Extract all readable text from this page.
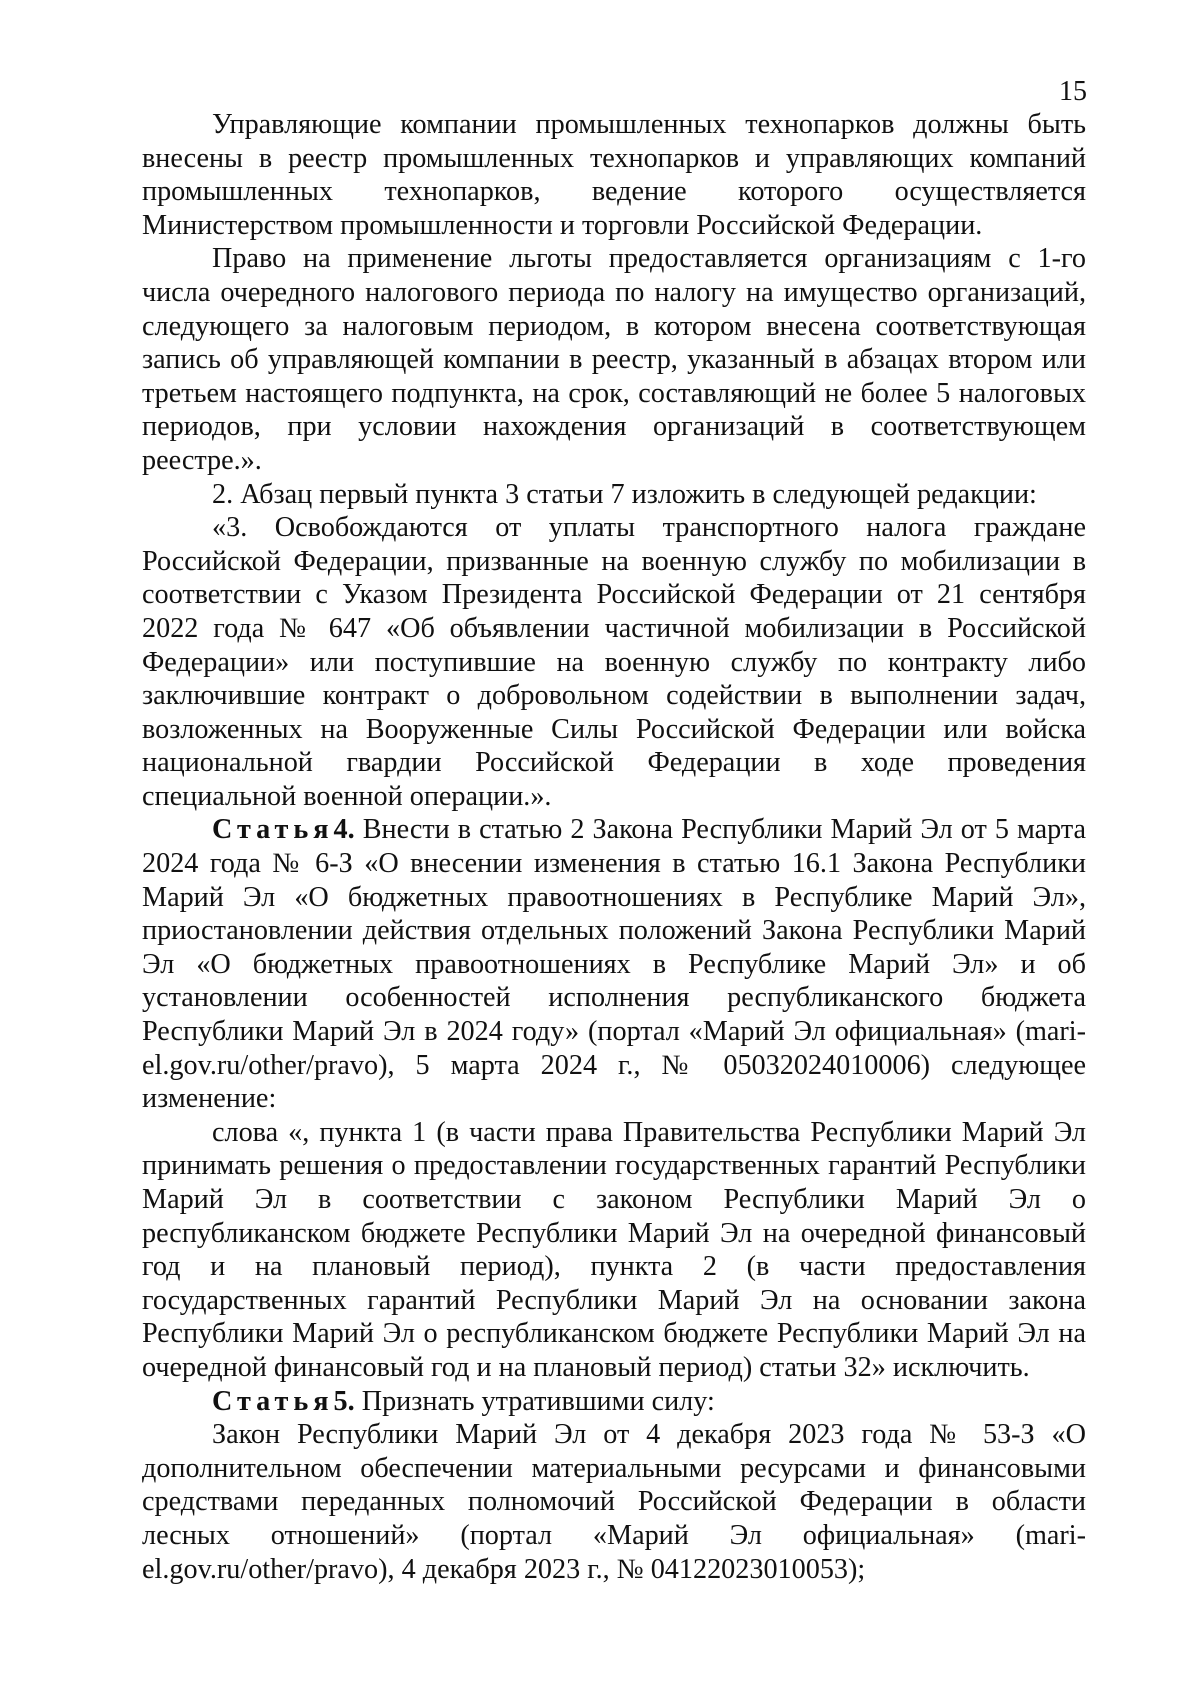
15

Управляющие компании промышленных технопарков должны быть внесены в реестр промышленных технопарков и управляющих компаний промышленных технопарков, ведение которого осуществляется Министерством промышленности и торговли Российской Федерации.

Право на применение льготы предоставляется организациям с 1-го числа очередного налогового периода по налогу на имущество организаций, следующего за налоговым периодом, в котором внесена соответствующая запись об управляющей компании в реестр, указанный в абзацах втором или третьем настоящего подпункта, на срок, составляющий не более 5 налоговых периодов, при условии нахождения организаций в соответствующем реестре.».

2. Абзац первый пункта 3 статьи 7 изложить в следующей редакции:

«3. Освобождаются от уплаты транспортного налога граждане Российской Федерации, призванные на военную службу по мобилизации в соответствии с Указом Президента Российской Федерации от 21 сентября 2022 года № 647 «Об объявлении частичной мобилизации в Российской Федерации» или поступившие на военную службу по контракту либо заключившие контракт о добровольном содействии в выполнении задач, возложенных на Вооруженные Силы Российской Федерации или войска национальной гвардии Российской Федерации в ходе проведения специальной военной операции.».

Статья4. Внести в статью 2 Закона Республики Марий Эл от 5 марта 2024 года № 6-З «О внесении изменения в статью 16.1 Закона Республики Марий Эл «О бюджетных правоотношениях в Республике Марий Эл», приостановлении действия отдельных положений Закона Республики Марий Эл «О бюджетных правоотношениях в Республике Марий Эл» и об установлении особенностей исполнения республиканского бюджета Республики Марий Эл в 2024 году» (портал «Марий Эл официальная» (mari-el.gov.ru/other/pravo), 5 марта 2024 г., № 05032024010006) следующее изменение:

слова «, пункта 1 (в части права Правительства Республики Марий Эл принимать решения о предоставлении государственных гарантий Республики Марий Эл в соответствии с законом Республики Марий Эл о республиканском бюджете Республики Марий Эл на очередной финансовый год и на плановый период), пункта 2 (в части предоставления государственных гарантий Республики Марий Эл на основании закона Республики Марий Эл о республиканском бюджете Республики Марий Эл на очередной финансовый год и на плановый период) статьи 32» исключить.

Статья5. Признать утратившими силу:

Закон Республики Марий Эл от 4 декабря 2023 года № 53-З «О дополнительном обеспечении материальными ресурсами и финансовыми средствами переданных полномочий Российской Федерации в области лесных отношений» (портал «Марий Эл официальная» (mari-el.gov.ru/other/pravo), 4 декабря 2023 г., № 04122023010053);
